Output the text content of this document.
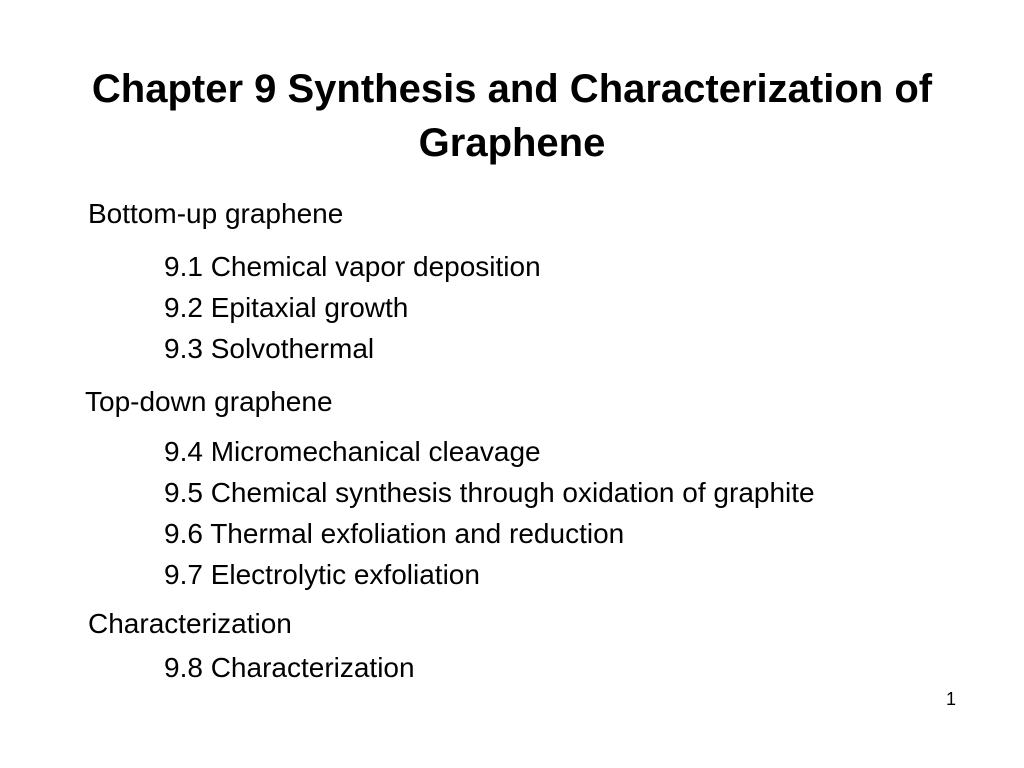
Chapter 9 Synthesis and Characterization of Graphene
Bottom-up graphene
9.1 Chemical vapor deposition
9.2 Epitaxial growth
9.3 Solvothermal
Top-down graphene
9.4 Micromechanical cleavage
9.5 Chemical synthesis through oxidation of graphite
9.6 Thermal exfoliation and reduction
9.7 Electrolytic exfoliation
Characterization
9.8 Characterization
1
